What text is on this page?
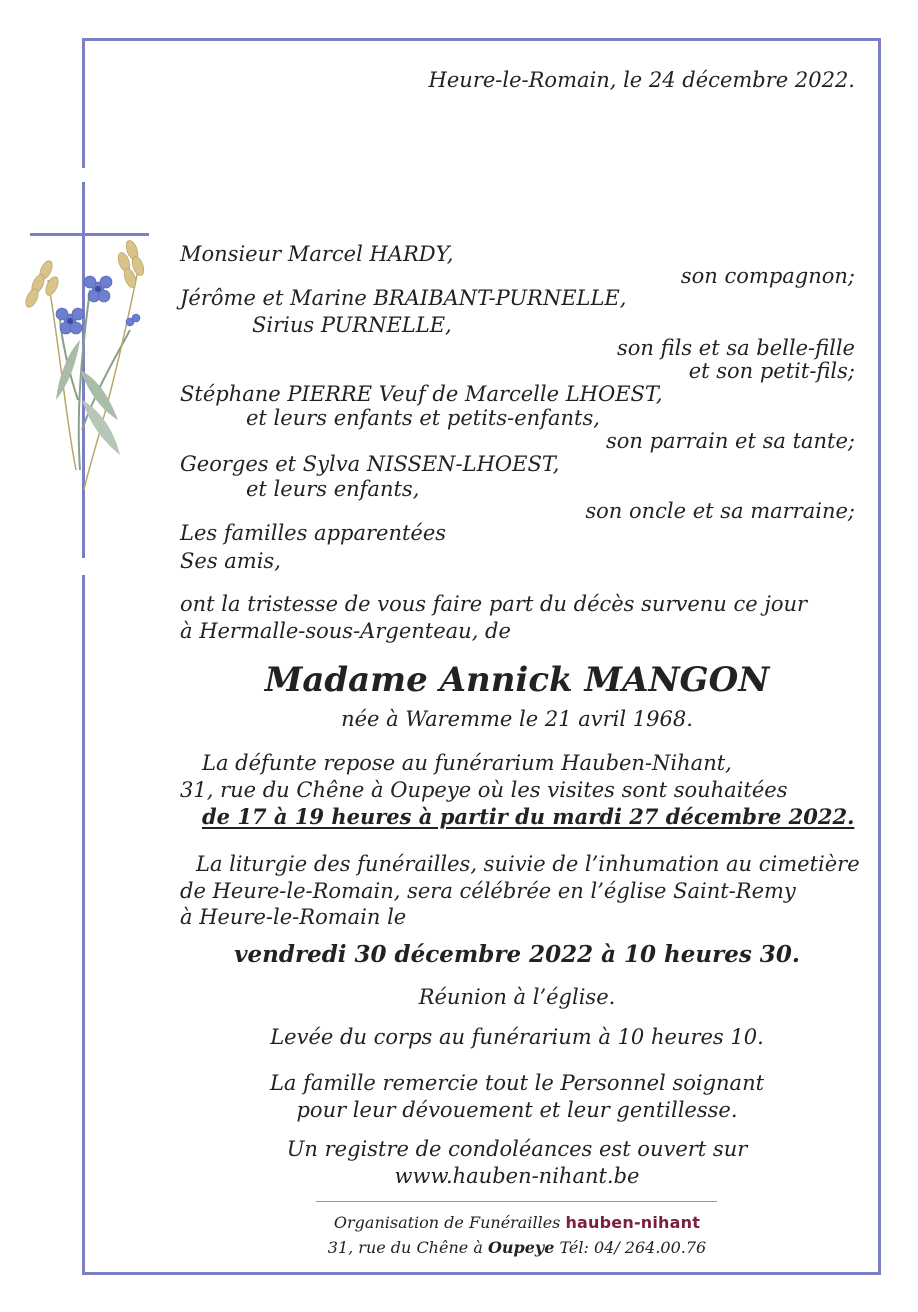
Heure-le-Romain, le 24 décembre 2022.
Monsieur Marcel HARDY,
son compagnon;
Jérôme et Marine BRAIBANT-PURNELLE,
Sirius PURNELLE,
son fils et sa belle-fille
et son petit-fils;
Stéphane PIERRE Veuf de Marcelle LHOEST,
et leurs enfants et petits-enfants,
son parrain et sa tante;
Georges et Sylva NISSEN-LHOEST,
et leurs enfants,
son oncle et sa marraine;
Les familles apparentées
Ses amis,
ont la tristesse de vous faire part du décès survenu ce jour
à Hermalle-sous-Argenteau, de
Madame Annick MANGON
née à Waremme le 21 avril 1968.
La défunte repose au funérarium Hauben-Nihant,
31, rue du Chêne à Oupeye où les visites sont souhaitées
de 17 à 19 heures à partir du mardi 27 décembre 2022.
La liturgie des funérailles, suivie de l’inhumation au cimetière
de Heure-le-Romain, sera célébrée en l’église Saint-Remy
à Heure-le-Romain le
vendredi 30 décembre 2022 à 10 heures 30.
Réunion à l’église.
Levée du corps au funérarium à 10 heures 10.
La famille remercie tout le Personnel soignant
pour leur dévouement et leur gentillesse.
Un registre de condoléances est ouvert sur
www.hauben-nihant.be
Organisation de Funérailles hauben-nihant
31, rue du Chêne à Oupeye Tél: 04/ 264.00.76
